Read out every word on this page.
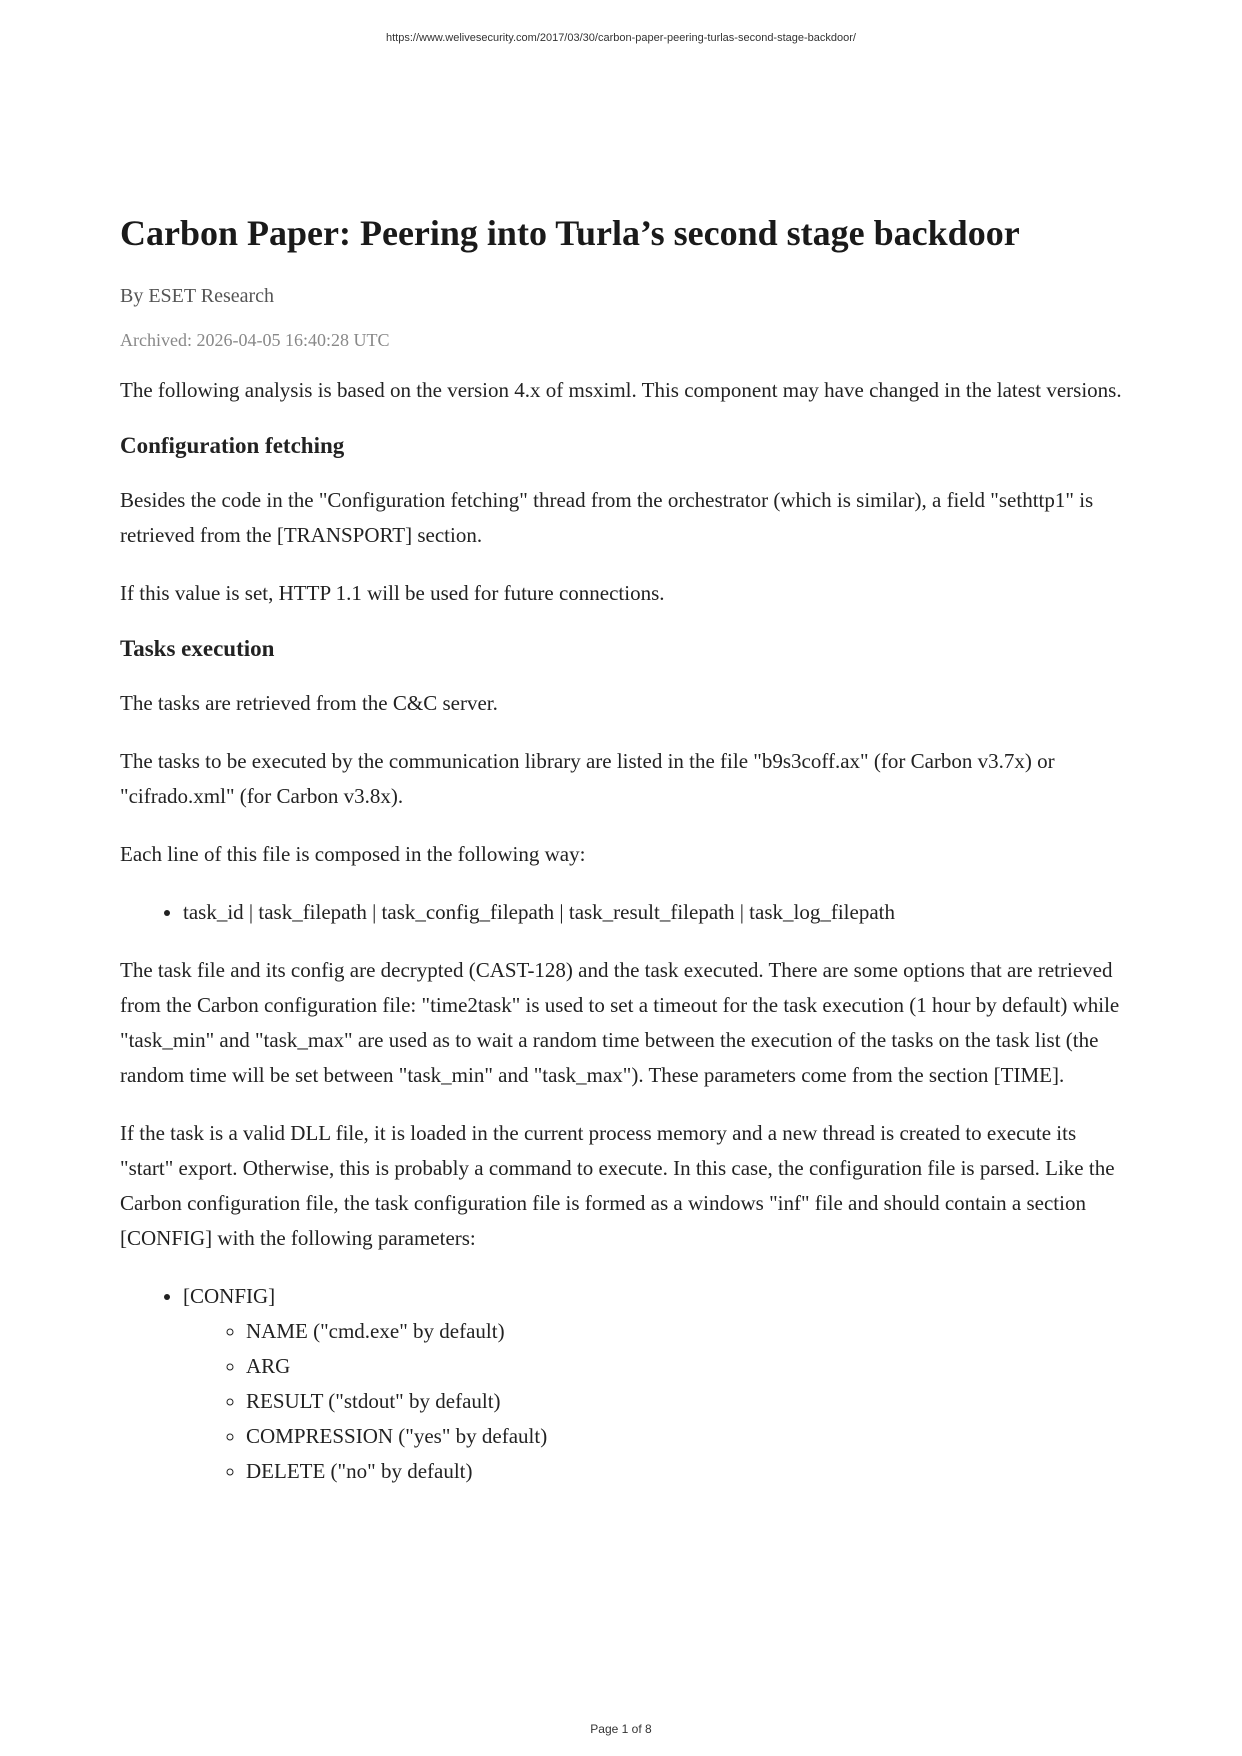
https://www.welivesecurity.com/2017/03/30/carbon-paper-peering-turlas-second-stage-backdoor/
Carbon Paper: Peering into Turla’s second stage backdoor
By ESET Research
Archived: 2026-04-05 16:40:28 UTC

The following analysis is based on the version 4.x of msximl. This component may have changed in the latest versions.

Configuration fetching

Besides the code in the "Configuration fetching" thread from the orchestrator (which is similar), a field "sethttp1" is retrieved from the [TRANSPORT] section.

If this value is set, HTTP 1.1 will be used for future connections.

Tasks execution

The tasks are retrieved from the C&C server.

The tasks to be executed by the communication library are listed in the file "b9s3coff.ax" (for Carbon v3.7x) or "cifrado.xml" (for Carbon v3.8x).

Each line of this file is composed in the following way:

• task_id | task_filepath | task_config_filepath | task_result_filepath | task_log_filepath

The task file and its config are decrypted (CAST-128) and the task executed. There are some options that are retrieved from the Carbon configuration file: "time2task" is used to set a timeout for the task execution (1 hour by default) while "task_min" and "task_max" are used as to wait a random time between the execution of the tasks on the task list (the random time will be set between "task_min" and "task_max"). These parameters come from the section [TIME].

If the task is a valid DLL file, it is loaded in the current process memory and a new thread is created to execute its "start" export. Otherwise, this is probably a command to execute. In this case, the configuration file is parsed. Like the Carbon configuration file, the task configuration file is formed as a windows "inf" file and should contain a section [CONFIG] with the following parameters:

• [CONFIG]
◦ NAME ("cmd.exe" by default)
◦ ARG
◦ RESULT ("stdout" by default)
◦ COMPRESSION ("yes" by default)
◦ DELETE ("no" by default)
Page 1 of 8
